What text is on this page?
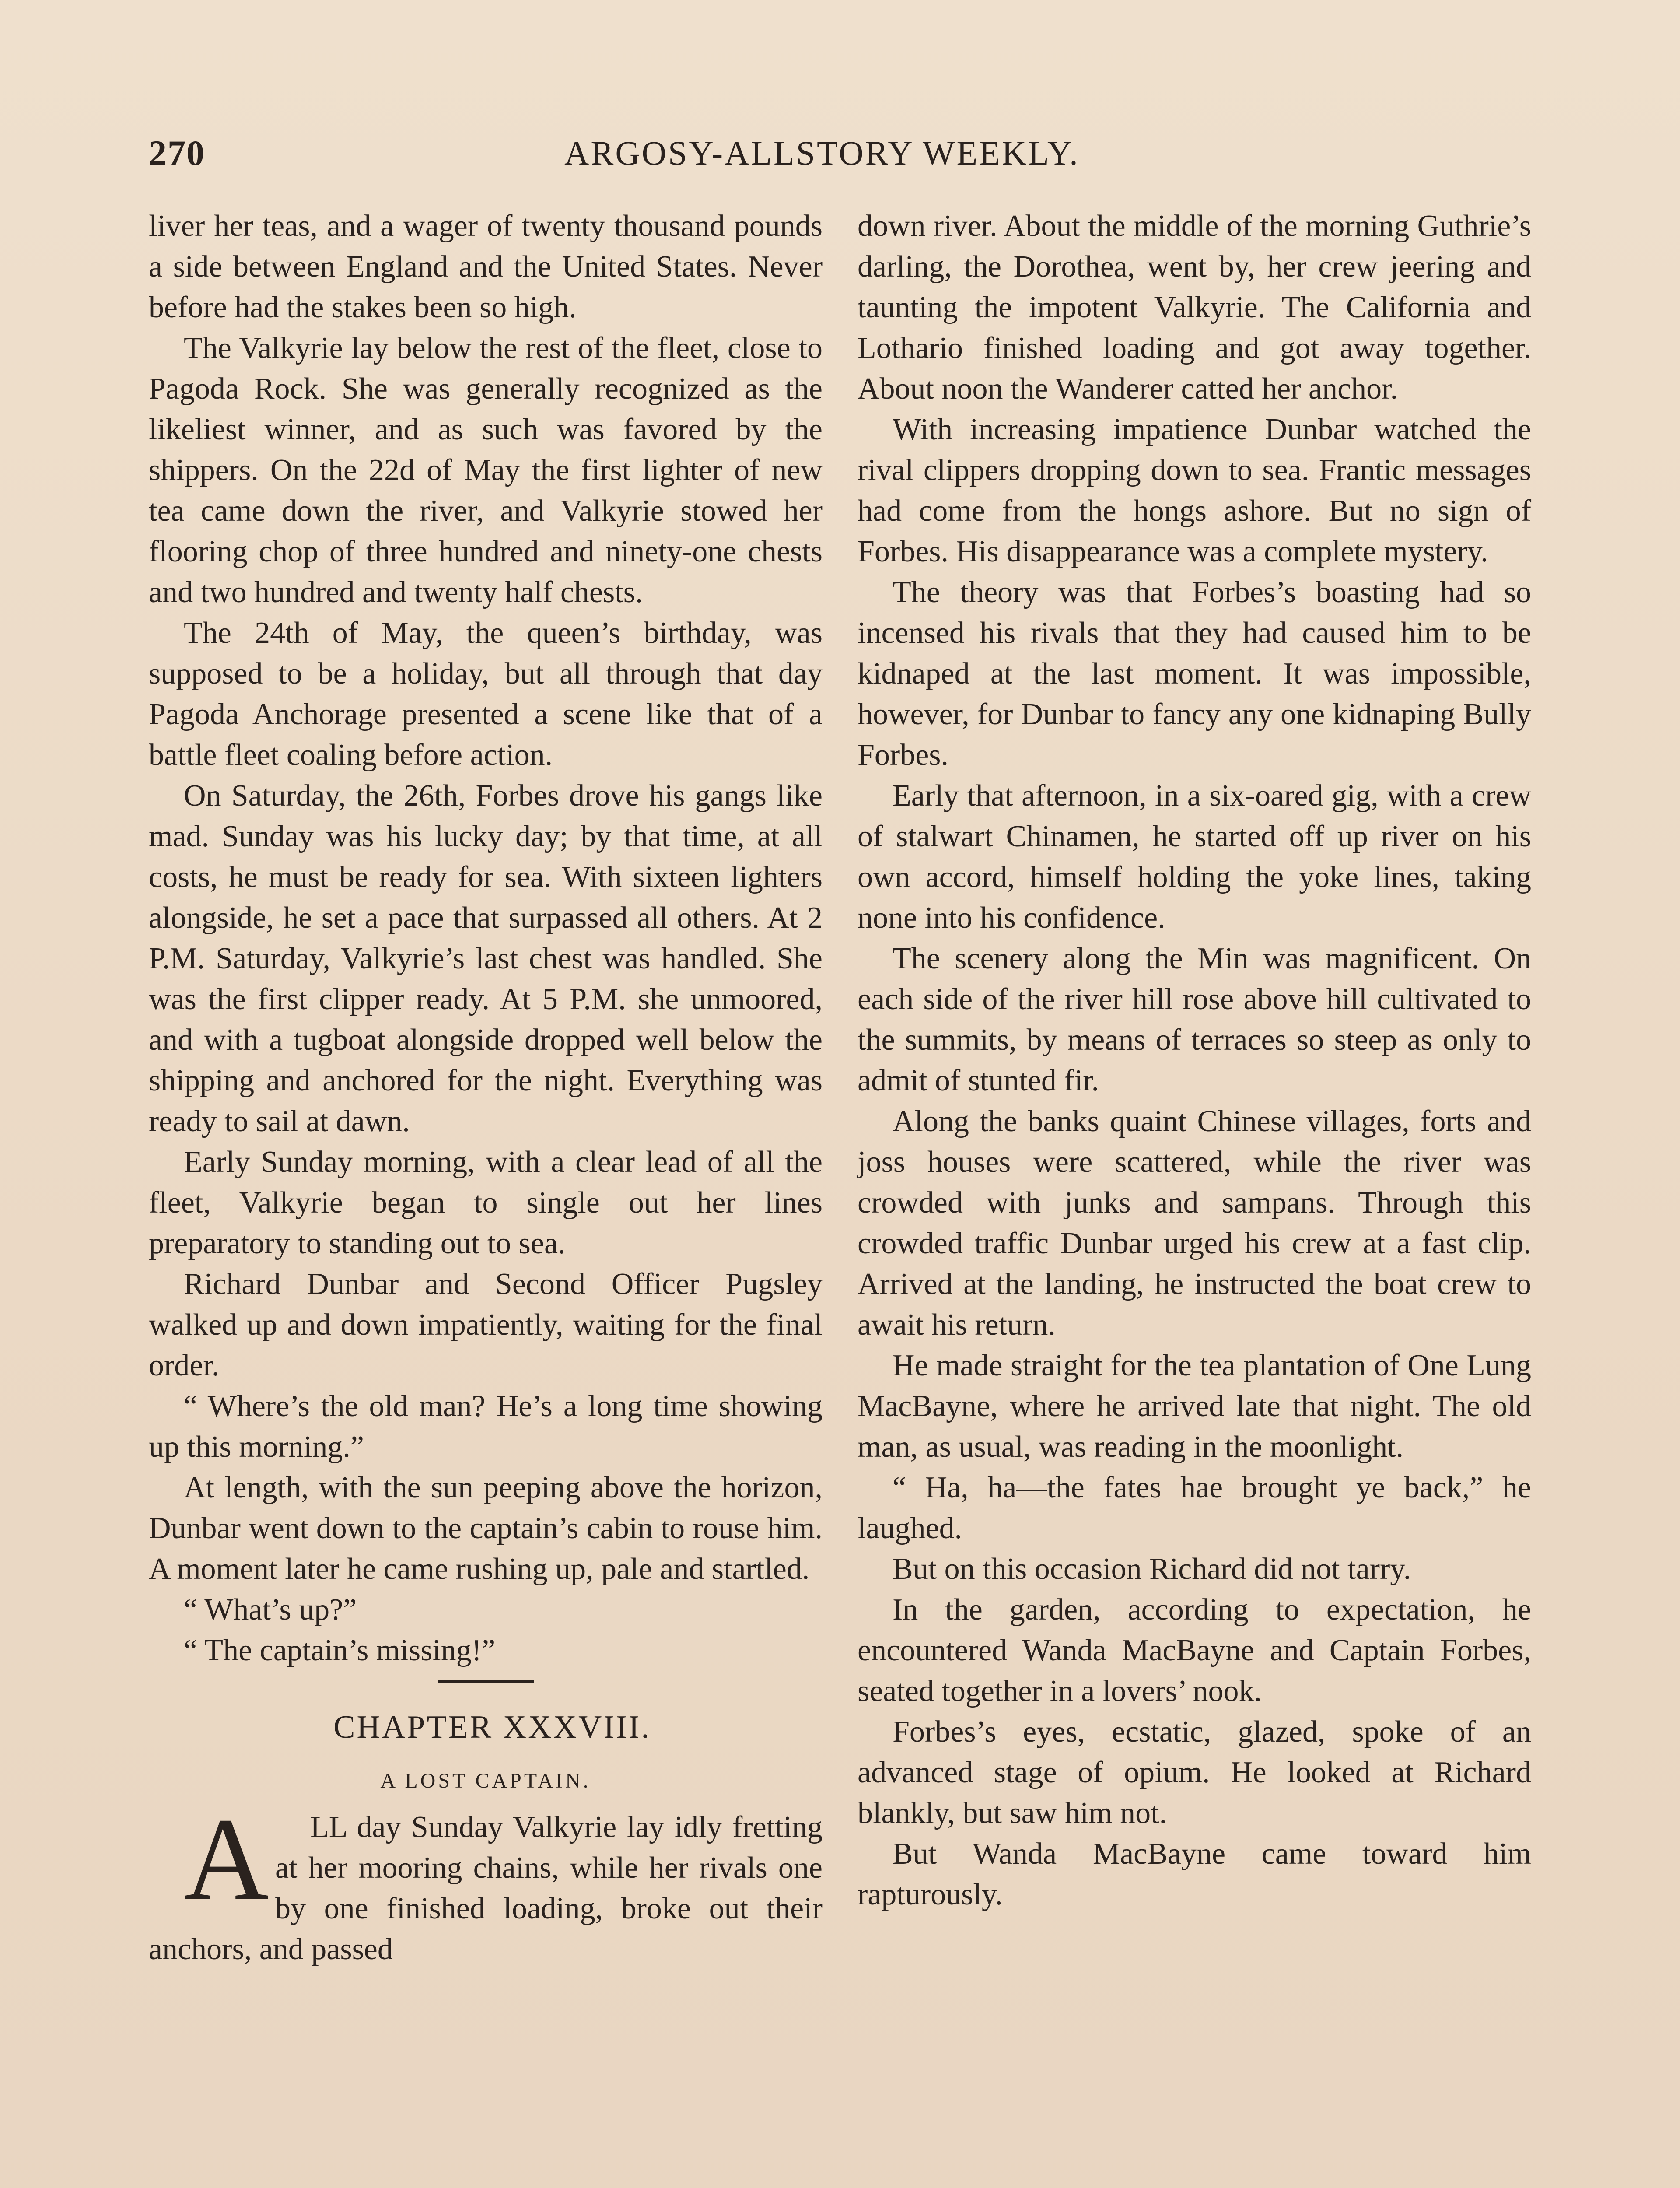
270	ARGOSY-ALLSTORY WEEKLY.

liver her teas, and a wager of twenty thousand pounds a side between England and the United States. Never before had the stakes been so high.

The Valkyrie lay below the rest of the fleet, close to Pagoda Rock. She was generally recognized as the likeliest winner, and as such was favored by the shippers. On the 22d of May the first lighter of new tea came down the river, and Valkyrie stowed her flooring chop of three hundred and ninety-one chests and two hundred and twenty half chests.

The 24th of May, the queen’s birthday, was supposed to be a holiday, but all through that day Pagoda Anchorage presented a scene like that of a battle fleet coaling before action.

On Saturday, the 26th, Forbes drove his gangs like mad. Sunday was his lucky day; by that time, at all costs, he must be ready for sea. With sixteen lighters alongside, he set a pace that surpassed all others. At 2 P.M. Saturday, Valkyrie’s last chest was handled. She was the first clipper ready. At 5 P.M. she unmoored, and with a tugboat alongside dropped well below the shipping and anchored for the night. Everything was ready to sail at dawn.

Early Sunday morning, with a clear lead of all the fleet, Valkyrie began to single out her lines preparatory to standing out to sea.

Richard Dunbar and Second Officer Pugsley walked up and down impatiently, waiting for the final order.

“ Where’s the old man? He’s a long time showing up this morning.”

At length, with the sun peeping above the horizon, Dunbar went down to the captain’s cabin to rouse him. A moment later he came rushing up, pale and startled.

“ What’s up?”

“ The captain’s missing!”

CHAPTER XXXVIII.
A LOST CAPTAIN.

A LL day Sunday Valkyrie lay idly fretting at her mooring chains, while her rivals one by one finished loading, broke out their anchors, and passed

down river. About the middle of the morning Guthrie’s darling, the Dorothea, went by, her crew jeering and taunting the impotent Valkyrie. The California and Lothario finished loading and got away together. About noon the Wanderer catted her anchor.

With increasing impatience Dunbar watched the rival clippers dropping down to sea. Frantic messages had come from the hongs ashore. But no sign of Forbes. His disappearance was a complete mystery.

The theory was that Forbes’s boasting had so incensed his rivals that they had caused him to be kidnaped at the last moment. It was impossible, however, for Dunbar to fancy any one kidnaping Bully Forbes.

Early that afternoon, in a six-oared gig, with a crew of stalwart Chinamen, he started off up river on his own accord, himself holding the yoke lines, taking none into his confidence.

The scenery along the Min was magnificent. On each side of the river hill rose above hill cultivated to the summits, by means of terraces so steep as only to admit of stunted fir.

Along the banks quaint Chinese villages, forts and joss houses were scattered, while the river was crowded with junks and sampans. Through this crowded traffic Dunbar urged his crew at a fast clip. Arrived at the landing, he instructed the boat crew to await his return.

He made straight for the tea plantation of One Lung MacBayne, where he arrived late that night. The old man, as usual, was reading in the moonlight.

“ Ha, ha—the fates hae brought ye back,” he laughed.

But on this occasion Richard did not tarry.

In the garden, according to expectation, he encountered Wanda MacBayne and Captain Forbes, seated together in a lovers’ nook.

Forbes’s eyes, ecstatic, glazed, spoke of an advanced stage of opium. He looked at Richard blankly, but saw him not.

But Wanda MacBayne came toward him rapturously.
